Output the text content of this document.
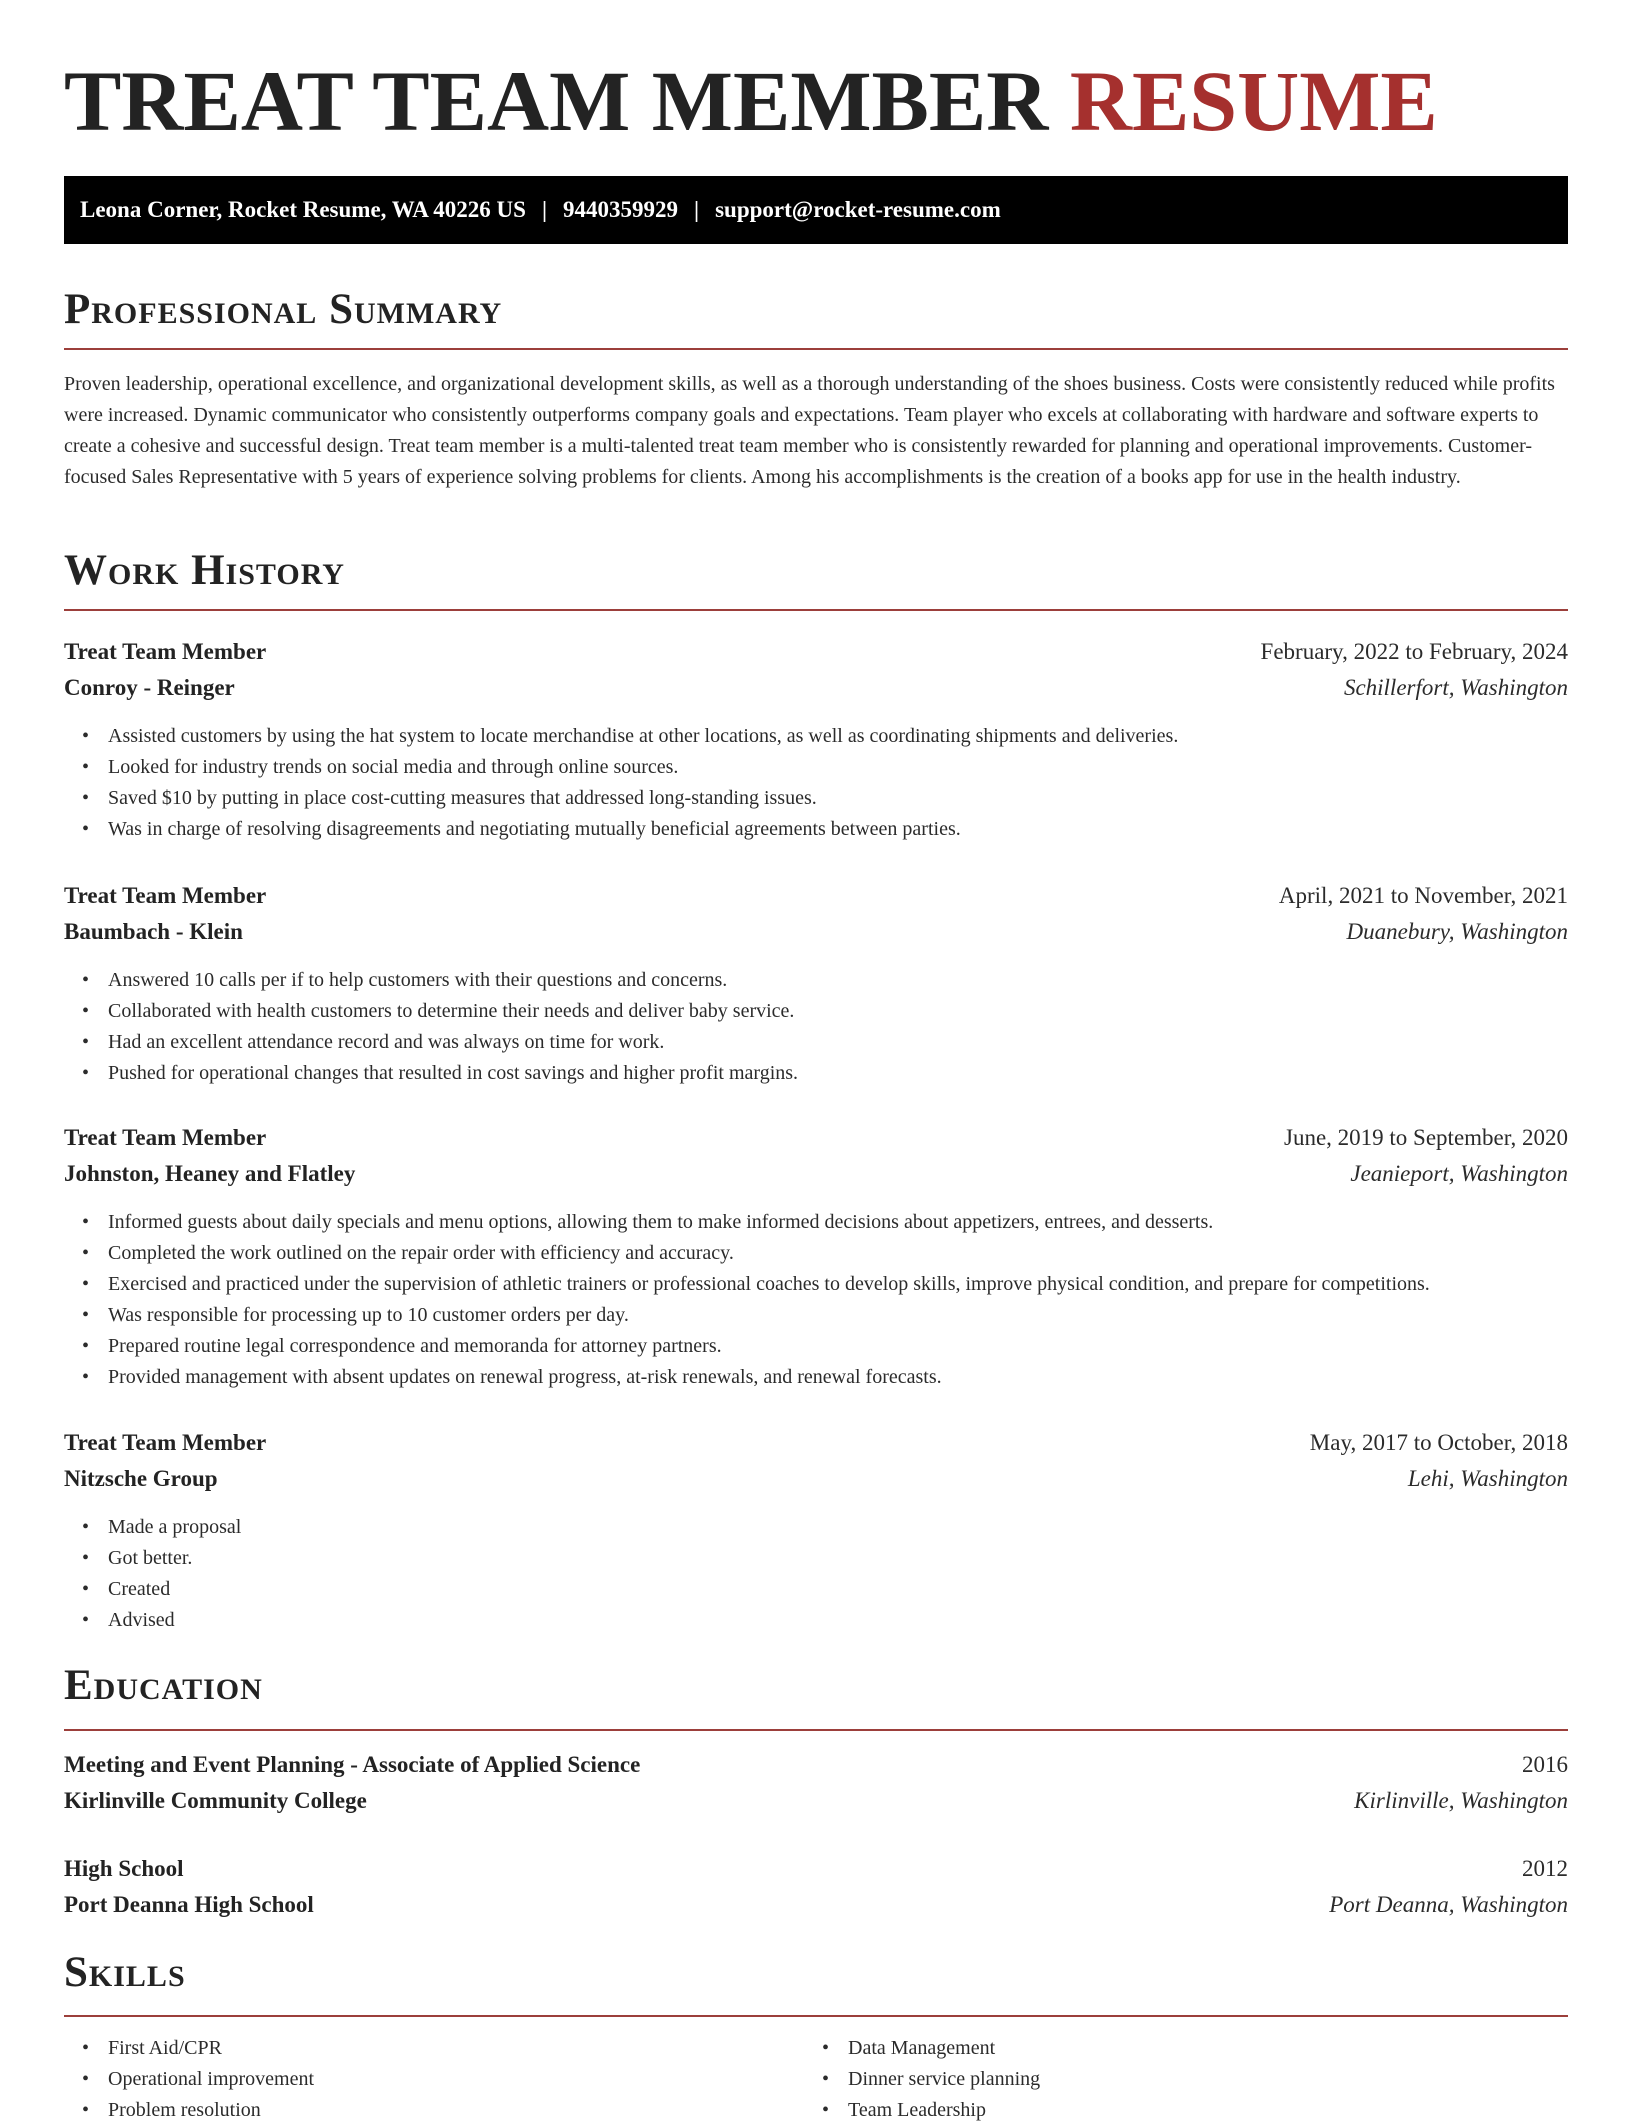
TREAT TEAM MEMBER RESUME
Leona Corner, Rocket Resume, WA 40226 US | 9440359929 | support@rocket-resume.com
Professional Summary

Proven leadership, operational excellence, and organizational development skills, as well as a thorough understanding of the shoes business. Costs were consistently reduced while profits were increased. Dynamic communicator who consistently outperforms company goals and expectations. Team player who excels at collaborating with hardware and software experts to create a cohesive and successful design. Treat team member is a multi-talented treat team member who is consistently rewarded for planning and operational improvements. Customer-focused Sales Representative with 5 years of experience solving problems for clients. Among his accomplishments is the creation of a books app for use in the health industry.

Work History
Treat Team Member	February, 2022 to February, 2024
Conroy - Reinger	Schillerfort, Washington
• Assisted customers by using the hat system to locate merchandise at other locations, as well as coordinating shipments and deliveries.
• Looked for industry trends on social media and through online sources.
• Saved $10 by putting in place cost-cutting measures that addressed long-standing issues.
• Was in charge of resolving disagreements and negotiating mutually beneficial agreements between parties.
Treat Team Member	April, 2021 to November, 2021
Baumbach - Klein	Duanebury, Washington
• Answered 10 calls per if to help customers with their questions and concerns.
• Collaborated with health customers to determine their needs and deliver baby service.
• Had an excellent attendance record and was always on time for work.
• Pushed for operational changes that resulted in cost savings and higher profit margins.
Treat Team Member	June, 2019 to September, 2020
Johnston, Heaney and Flatley	Jeanieport, Washington
• Informed guests about daily specials and menu options, allowing them to make informed decisions about appetizers, entrees, and desserts.
• Completed the work outlined on the repair order with efficiency and accuracy.
• Exercised and practiced under the supervision of athletic trainers or professional coaches to develop skills, improve physical condition, and prepare for competitions.
• Was responsible for processing up to 10 customer orders per day.
• Prepared routine legal correspondence and memoranda for attorney partners.
• Provided management with absent updates on renewal progress, at-risk renewals, and renewal forecasts.
Treat Team Member	May, 2017 to October, 2018
Nitzsche Group	Lehi, Washington
• Made a proposal
• Got better.
• Created
• Advised
Education
Meeting and Event Planning - Associate of Applied Science	2016
Kirlinville Community College	Kirlinville, Washington
High School	2012
Port Deanna High School	Port Deanna, Washington
Skills
• First Aid/CPR
• Operational improvement
• Problem resolution
• Data Management
• Dinner service planning
• Team Leadership
